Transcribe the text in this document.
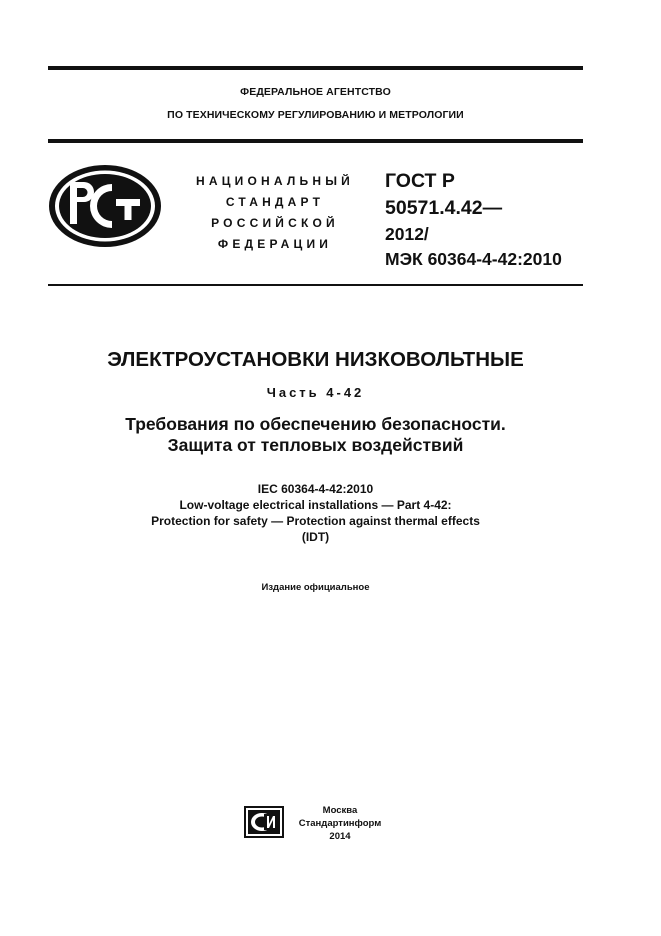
ФЕДЕРАЛЬНОЕ АГЕНТСТВО
ПО ТЕХНИЧЕСКОМУ РЕГУЛИРОВАНИЮ И МЕТРОЛОГИИ
НАЦИОНАЛЬНЫЙ
СТАНДАРТ
РОССИЙСКОЙ
ФЕДЕРАЦИИ
ГОСТ Р
50571.4.42—
2012/
МЭК 60364-4-42:2010
ЭЛЕКТРОУСТАНОВКИ НИЗКОВОЛЬТНЫЕ
Часть 4-42
Требования по обеспечению безопасности.
Защита от тепловых воздействий
IEC 60364-4-42:2010
Low-voltage electrical installations — Part 4-42:
Protection for safety — Protection against thermal effects
(IDT)
Издание официальное
Москва
Стандартинформ
2014
